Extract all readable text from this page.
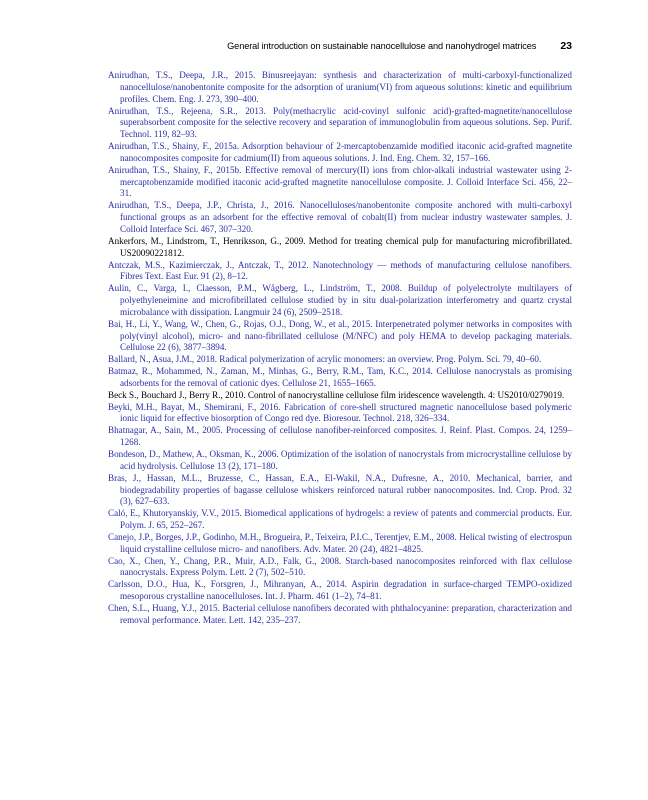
General introduction on sustainable nanocellulose and nanohydrogel matrices 23
Anirudhan, T.S., Deepa, J.R., 2015. Binusreejayan: synthesis and characterization of multi-carboxyl-functionalized nanocellulose/nanobentonite composite for the adsorption of uranium(VI) from aqueous solutions: kinetic and equilibrium profiles. Chem. Eng. J. 273, 390–400.
Anirudhan, T.S., Rejeena, S.R., 2013. Poly(methacrylic acid-covinyl sulfonic acid)-grafted-magnetite/nanocellulose superabsorbent composite for the selective recovery and separation of immunoglobulin from aqueous solutions. Sep. Purif. Technol. 119, 82–93.
Anirudhan, T.S., Shainy, F., 2015a. Adsorption behaviour of 2-mercaptobenzamide modified itaconic acid-grafted magnetite nanocomposites composite for cadmium(II) from aqueous solutions. J. Ind. Eng. Chem. 32, 157–166.
Anirudhan, T.S., Shainy, F., 2015b. Effective removal of mercury(II) ions from chlor-alkali industrial wastewater using 2-mercaptobenzamide modified itaconic acid-grafted magnetite nanocellulose composite. J. Colloid Interface Sci. 456, 22–31.
Anirudhan, T.S., Deepa, J.P., Christa, J., 2016. Nanocelluloses/nanobentonite composite anchored with multi-carboxyl functional groups as an adsorbent for the effective removal of cobalt(II) from nuclear industry wastewater samples. J. Colloid Interface Sci. 467, 307–320.
Ankerfors, M., Lindstrom, T., Henriksson, G., 2009. Method for treating chemical pulp for manufacturing microfibrillated. US20090221812.
Antczak, M.S., Kazimierczak, J., Antczak, T., 2012. Nanotechnology — methods of manufacturing cellulose nanofibers. Fibres Text. East Eur. 91 (2), 8–12.
Aulin, C., Varga, I., Claesson, P.M., Wågberg, L., Lindström, T., 2008. Buildup of polyelectrolyte multilayers of polyethyleneimine and microfibrillated cellulose studied by in situ dual-polarization interferometry and quartz crystal microbalance with dissipation. Langmuir 24 (6), 2509–2518.
Bai, H., Li, Y., Wang, W., Chen, G., Rojas, O.J., Dong, W., et al., 2015. Interpenetrated polymer networks in composites with poly(vinyl alcohol), micro- and nano-fibrillated cellulose (M/NFC) and poly HEMA to develop packaging materials. Cellulose 22 (6), 3877–3894.
Ballard, N., Asua, J.M., 2018. Radical polymerization of acrylic monomers: an overview. Prog. Polym. Sci. 79, 40–60.
Batmaz, R., Mohammed, N., Zaman, M., Minhas, G., Berry, R.M., Tam, K.C., 2014. Cellulose nanocrystals as promising adsorbents for the removal of cationic dyes. Cellulose 21, 1655–1665.
Beck S., Bouchard J., Berry R., 2010. Control of nanocrystalline cellulose film iridescence wavelength. 4: US2010/0279019.
Beyki, M.H., Bayat, M., Shemirani, F., 2016. Fabrication of core-shell structured magnetic nanocellulose based polymeric ionic liquid for effective biosorption of Congo red dye. Bioresour. Technol. 218, 326–334.
Bhatnagar, A., Sain, M., 2005. Processing of cellulose nanofiber-reinforced composites. J. Reinf. Plast. Compos. 24, 1259–1268.
Bondeson, D., Mathew, A., Oksman, K., 2006. Optimization of the isolation of nanocrystals from microcrystalline cellulose by acid hydrolysis. Cellulose 13 (2), 171–180.
Bras, J., Hassan, M.L., Bruzesse, C., Hassan, E.A., El-Wakil, N.A., Dufresne, A., 2010. Mechanical, barrier, and biodegradability properties of bagasse cellulose whiskers reinforced natural rubber nanocomposites. Ind. Crop. Prod. 32 (3), 627–633.
Caló, E., Khutoryanskiy, V.V., 2015. Biomedical applications of hydrogels: a review of patents and commercial products. Eur. Polym. J. 65, 252–267.
Canejo, J.P., Borges, J.P., Godinho, M.H., Brogueira, P., Teixeira, P.I.C., Terentjev, E.M., 2008. Helical twisting of electrospun liquid crystalline cellulose micro- and nanofibers. Adv. Mater. 20 (24), 4821–4825.
Cao, X., Chen, Y., Chang, P.R., Muir, A.D., Falk, G., 2008. Starch-based nanocomposites reinforced with flax cellulose nanocrystals. Express Polym. Lett. 2 (7), 502–510.
Carlsson, D.O., Hua, K., Forsgren, J., Mihranyan, A., 2014. Aspirin degradation in surface-charged TEMPO-oxidized mesoporous crystalline nanocelluloses. Int. J. Pharm. 461 (1–2), 74–81.
Chen, S.L., Huang, Y.J., 2015. Bacterial cellulose nanofibers decorated with phthalocyanine: preparation, characterization and removal performance. Mater. Lett. 142, 235–237.
